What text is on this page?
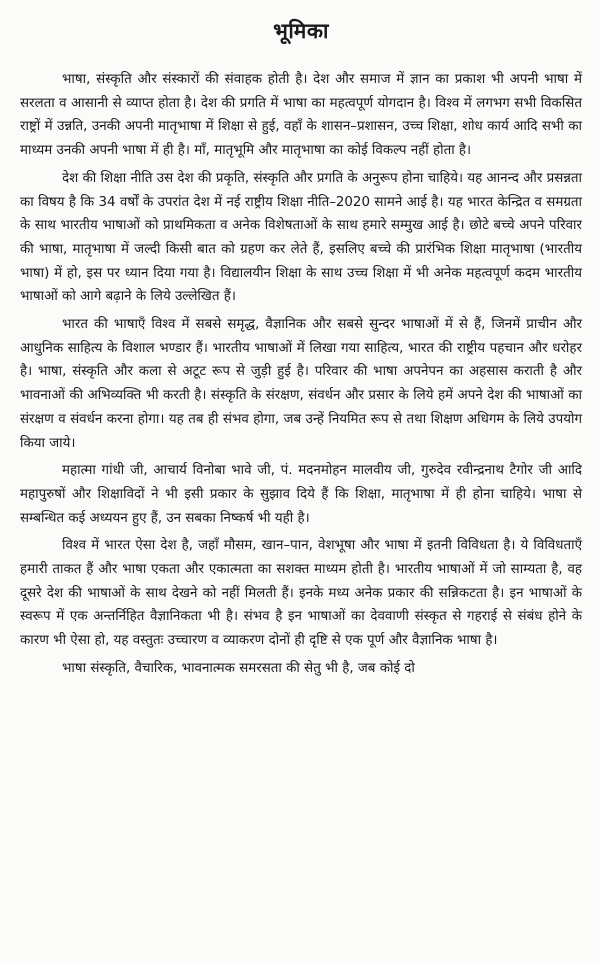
भूमिका

भाषा, संस्कृति और संस्कारों की संवाहक होती है। देश और समाज में ज्ञान का प्रकाश भी अपनी भाषा में सरलता व आसानी से व्याप्त होता है। देश की प्रगति में भाषा का महत्वपूर्ण योगदान है। विश्व में लगभग सभी विकसित राष्ट्रों में उन्नति, उनकी अपनी मातृभाषा में शिक्षा से हुई, वहाँ के शासन–प्रशासन, उच्च शिक्षा, शोध कार्य आदि सभी का माध्यम उनकी अपनी भाषा में ही है। माँ, मातृभूमि और मातृभाषा का कोई विकल्प नहीं होता है।

देश की शिक्षा नीति उस देश की प्रकृति, संस्कृति और प्रगति के अनुरूप होना चाहिये। यह आनन्द और प्रसन्नता का विषय है कि 34 वर्षों के उपरांत देश में नई राष्ट्रीय शिक्षा नीति–2020 सामने आई है। यह भारत केन्द्रित व समग्रता के साथ भारतीय भाषाओं को प्राथमिकता व अनेक विशेषताओं के साथ हमारे सम्मुख आई है। छोटे बच्चे अपने परिवार की भाषा, मातृभाषा में जल्दी किसी बात को ग्रहण कर लेते हैं, इसलिए बच्चे की प्रारंभिक शिक्षा मातृभाषा (भारतीय भाषा) में हो, इस पर ध्यान दिया गया है। विद्यालयीन शिक्षा के साथ उच्च शिक्षा में भी अनेक महत्वपूर्ण कदम भारतीय भाषाओं को आगे बढ़ाने के लिये उल्लेखित हैं।

भारत की भाषाएँ विश्व में सबसे समृद्ध, वैज्ञानिक और सबसे सुन्दर भाषाओं में से हैं, जिनमें प्राचीन और आधुनिक साहित्य के विशाल भण्डार हैं। भारतीय भाषाओं में लिखा गया साहित्य, भारत की राष्ट्रीय पहचान और धरोहर है। भाषा, संस्कृति और कला से अटूट रूप से जुड़ी हुई है। परिवार की भाषा अपनेपन का अहसास कराती है और भावनाओं की अभिव्यक्ति भी करती है। संस्कृति के संरक्षण, संवर्धन और प्रसार के लिये हमें अपने देश की भाषाओं का संरक्षण व संवर्धन करना होगा। यह तब ही संभव होगा, जब उन्हें नियमित रूप से तथा शिक्षण अधिगम के लिये उपयोग किया जाये।

महात्मा गांधी जी, आचार्य विनोबा भावे जी, पं. मदनमोहन मालवीय जी, गुरुदेव रवीन्द्रनाथ टैगोर जी आदि महापुरुषों और शिक्षाविदों ने भी इसी प्रकार के सुझाव दिये हैं कि शिक्षा, मातृभाषा में ही होना चाहिये। भाषा से सम्बन्धित कई अध्ययन हुए हैं, उन सबका निष्कर्ष भी यही है।

विश्व में भारत ऐसा देश है, जहाँ मौसम, खान–पान, वेशभूषा और भाषा में इतनी विविधता है। ये विविधताएँ हमारी ताकत हैं और भाषा एकता और एकात्मता का सशक्त माध्यम होती है। भारतीय भाषाओं में जो साम्यता है, वह दूसरे देश की भाषाओं के साथ देखने को नहीं मिलती हैं। इनके मध्य अनेक प्रकार की सन्निकटता है। इन भाषाओं के स्वरूप में एक अन्तर्निहित वैज्ञानिकता भी है। संभव है इन भाषाओं का देववाणी संस्कृत से गहराई से संबंध होने के कारण भी ऐसा हो, यह वस्तुतः उच्चारण व व्याकरण दोनों ही दृष्टि से एक पूर्ण और वैज्ञानिक भाषा है।

भाषा संस्कृति, वैचारिक, भावनात्मक समरसता की सेतु भी है, जब कोई दो
